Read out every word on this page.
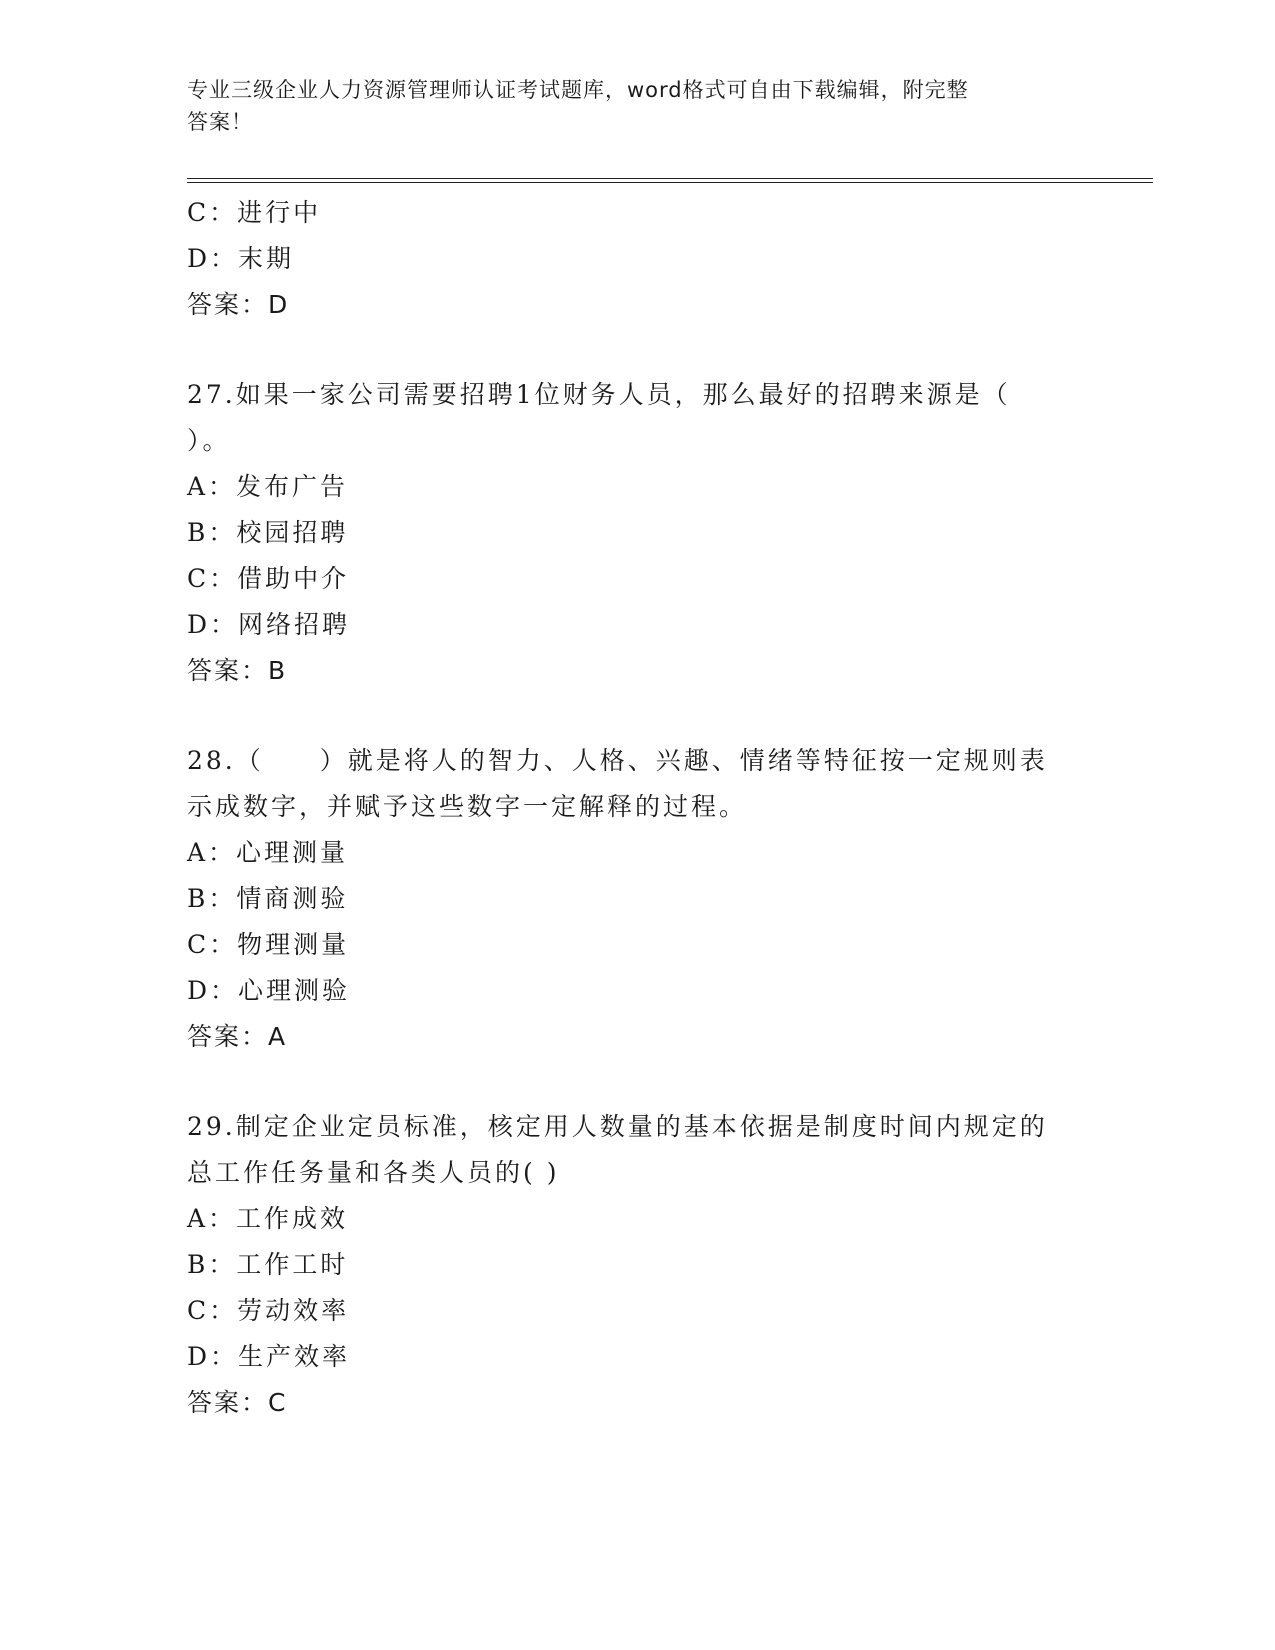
专业三级企业人力资源管理师认证考试题库，word格式可自由下载编辑，附完整
答案！
C：进行中
D：末期
答案：D
27.如果一家公司需要招聘1位财务人员，那么最好的招聘来源是（
）。
A：发布广告
B：校园招聘
C：借助中介
D：网络招聘
答案：B
28.（　　）就是将人的智力、人格、兴趣、情绪等特征按一定规则表
示成数字，并赋予这些数字一定解释的过程。
A：心理测量
B：情商测验
C：物理测量
D：心理测验
答案：A
29.制定企业定员标准，核定用人数量的基本依据是制度时间内规定的
总工作任务量和各类人员的( )
A：工作成效
B：工作工时
C：劳动效率
D：生产效率
答案：C
